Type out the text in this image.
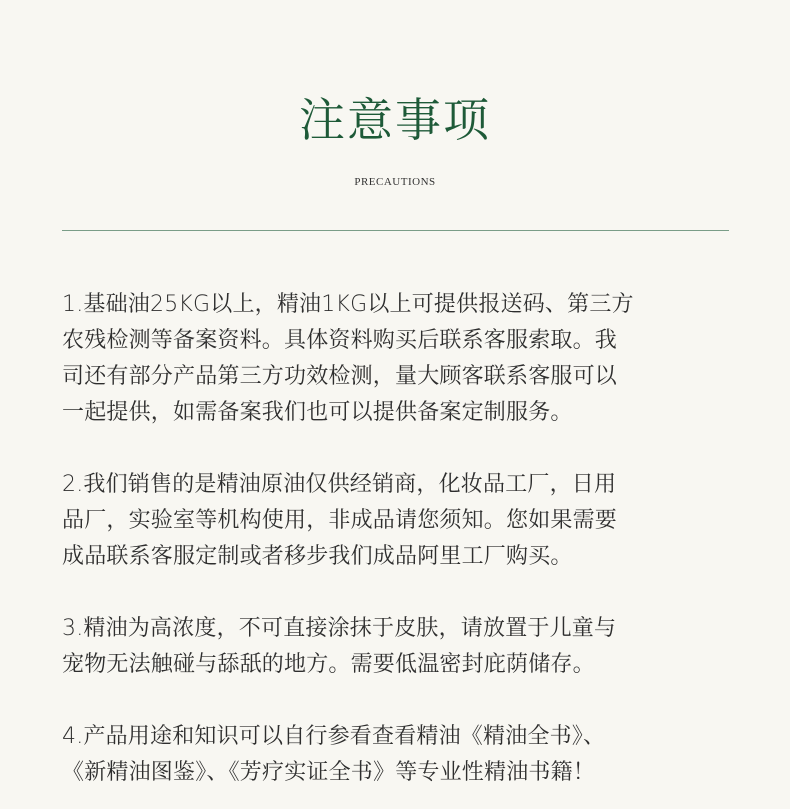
注意事项
PRECAUTIONS
1.基础油25KG以上，精油1KG以上可提供报送码、第三方
农残检测等备案资料。具体资料购买后联系客服索取。我
司还有部分产品第三方功效检测，量大顾客联系客服可以
一起提供，如需备案我们也可以提供备案定制服务。
2.我们销售的是精油原油仅供经销商，化妆品工厂，日用
品厂，实验室等机构使用，非成品请您须知。您如果需要
成品联系客服定制或者移步我们成品阿里工厂购买。
3.精油为高浓度，不可直接涂抹于皮肤，请放置于儿童与
宠物无法触碰与舔舐的地方。需要低温密封庇荫储存。
4.产品用途和知识可以自行参看查看精油《精油全书》、
《新精油图鉴》、《芳疗实证全书》等专业性精油书籍！
